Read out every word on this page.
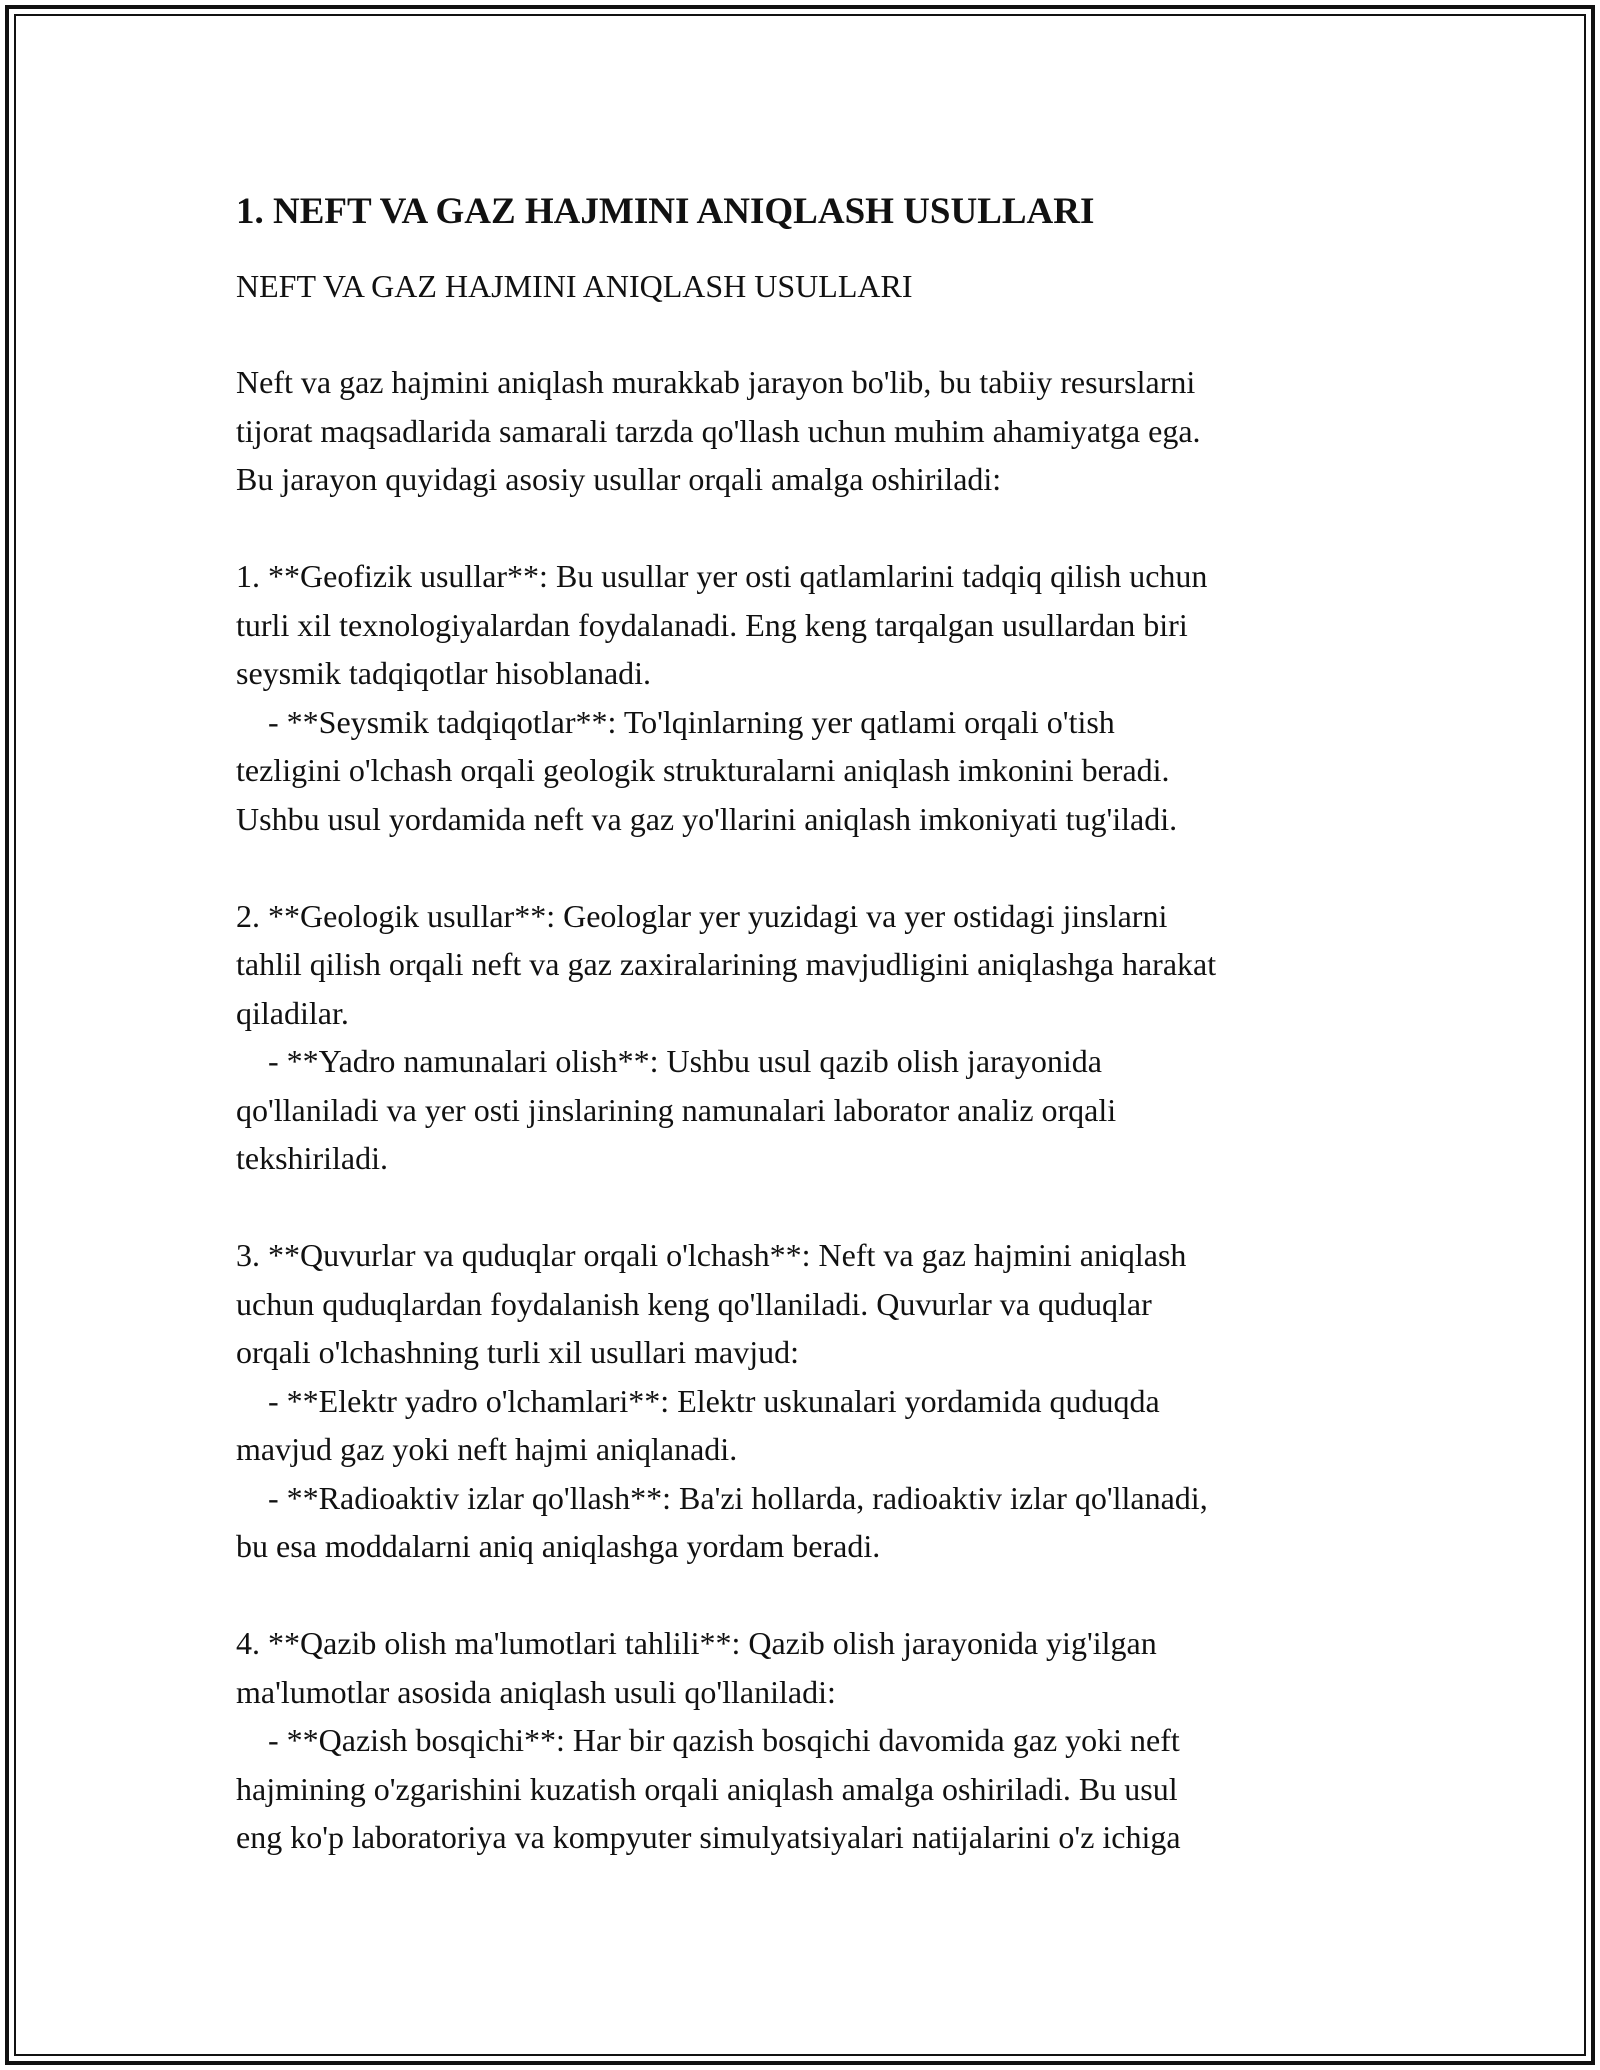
1. NEFT VA GAZ HAJMINI ANIQLASH USULLARI
NEFT VA GAZ HAJMINI ANIQLASH USULLARI
Neft va gaz hajmini aniqlash murakkab jarayon bo'lib, bu tabiiy resurslarni
tijorat maqsadlarida samarali tarzda qo'llash uchun muhim ahamiyatga ega.
Bu jarayon quyidagi asosiy usullar orqali amalga oshiriladi:
1. **Geofizik usullar**: Bu usullar yer osti qatlamlarini tadqiq qilish uchun
turli xil texnologiyalardan foydalanadi. Eng keng tarqalgan usullardan biri
seysmik tadqiqotlar hisoblanadi.
- **Seysmik tadqiqotlar**: To'lqinlarning yer qatlami orqali o'tish
tezligini o'lchash orqali geologik strukturalarni aniqlash imkonini beradi.
Ushbu usul yordamida neft va gaz yo'llarini aniqlash imkoniyati tug'iladi.
2. **Geologik usullar**: Geologlar yer yuzidagi va yer ostidagi jinslarni
tahlil qilish orqali neft va gaz zaxiralarining mavjudligini aniqlashga harakat
qiladilar.
- **Yadro namunalari olish**: Ushbu usul qazib olish jarayonida
qo'llaniladi va yer osti jinslarining namunalari laborator analiz orqali
tekshiriladi.
3. **Quvurlar va quduqlar orqali o'lchash**: Neft va gaz hajmini aniqlash
uchun quduqlardan foydalanish keng qo'llaniladi. Quvurlar va quduqlar
orqali o'lchashning turli xil usullari mavjud:
- **Elektr yadro o'lchamlari**: Elektr uskunalari yordamida quduqda
mavjud gaz yoki neft hajmi aniqlanadi.
- **Radioaktiv izlar qo'llash**: Ba'zi hollarda, radioaktiv izlar qo'llanadi,
bu esa moddalarni aniq aniqlashga yordam beradi.
4. **Qazib olish ma'lumotlari tahlili**: Qazib olish jarayonida yig'ilgan
ma'lumotlar asosida aniqlash usuli qo'llaniladi:
- **Qazish bosqichi**: Har bir qazish bosqichi davomida gaz yoki neft
hajmining o'zgarishini kuzatish orqali aniqlash amalga oshiriladi. Bu usul
eng ko'p laboratoriya va kompyuter simulyatsiyalari natijalarini o'z ichiga
